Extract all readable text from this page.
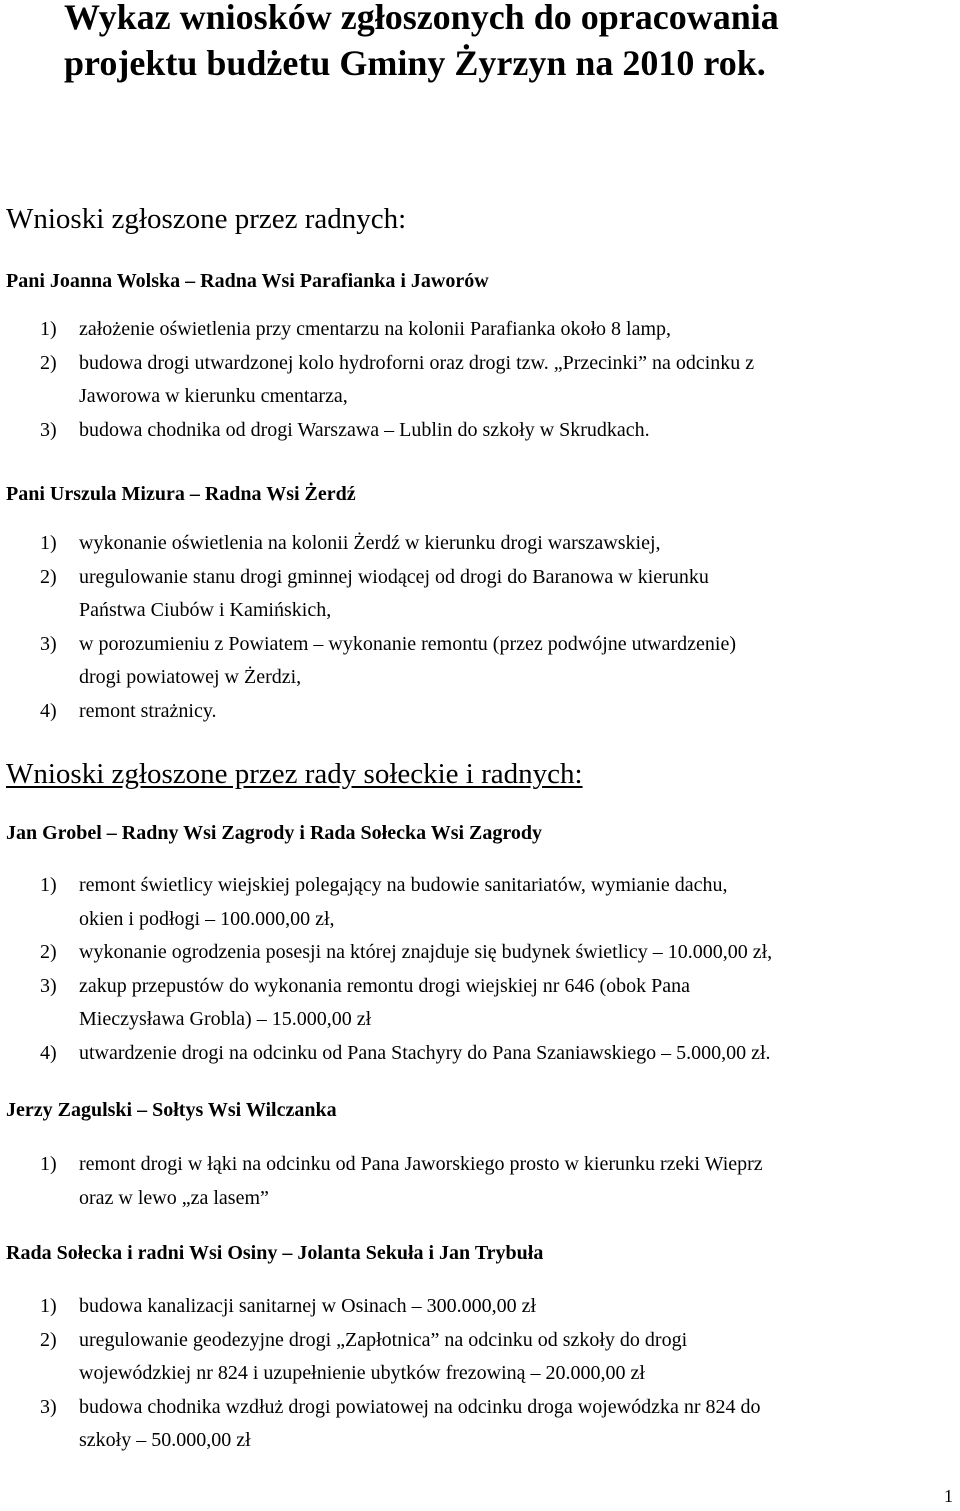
Wykaz wniosków zgłoszonych do opracowania
projektu budżetu Gminy Żyrzyn na 2010 rok.
Wnioski zgłoszone przez radnych:
Pani Joanna Wolska – Radna Wsi Parafianka i Jaworów
1) założenie oświetlenia przy cmentarzu na kolonii Parafianka około 8 lamp,
2) budowa drogi utwardzonej kolo hydroforni oraz drogi tzw. „Przecinki” na odcinku z
Jaworowa w kierunku cmentarza,
3) budowa chodnika od drogi Warszawa – Lublin do szkoły w Skrudkach.
Pani Urszula Mizura – Radna Wsi Żerdź
1) wykonanie oświetlenia na kolonii Żerdź w kierunku drogi warszawskiej,
2) uregulowanie stanu drogi gminnej wiodącej od drogi do Baranowa w kierunku
Państwa Ciubów i Kamińskich,
3) w porozumieniu z Powiatem – wykonanie remontu (przez podwójne utwardzenie)
drogi powiatowej w Żerdzi,
4) remont strażnicy.
Wnioski zgłoszone przez rady sołeckie i radnych:
Jan Grobel – Radny Wsi Zagrody i Rada Sołecka Wsi Zagrody
1) remont świetlicy wiejskiej polegający na budowie sanitariatów, wymianie dachu,
okien i podłogi – 100.000,00 zł,
2) wykonanie ogrodzenia posesji na której znajduje się budynek świetlicy – 10.000,00 zł,
3) zakup przepustów do wykonania remontu drogi wiejskiej nr 646 (obok Pana
Mieczysława Grobla) – 15.000,00 zł
4) utwardzenie drogi na odcinku od Pana Stachyry do Pana Szaniawskiego – 5.000,00 zł.
Jerzy Zagulski – Sołtys Wsi Wilczanka
1) remont drogi w łąki na odcinku od Pana Jaworskiego prosto w kierunku rzeki Wieprz
oraz w lewo „za lasem”
Rada Sołecka i radni Wsi Osiny – Jolanta Sekuła i Jan Trybuła
1) budowa kanalizacji sanitarnej w Osinach – 300.000,00 zł
2) uregulowanie geodezyjne drogi „Zapłotnica” na odcinku od szkoły do drogi
wojewódzkiej nr 824 i uzupełnienie ubytków frezowiną – 20.000,00 zł
3) budowa chodnika wzdłuż drogi powiatowej na odcinku droga wojewódzka nr 824 do
szkoły – 50.000,00 zł
1
